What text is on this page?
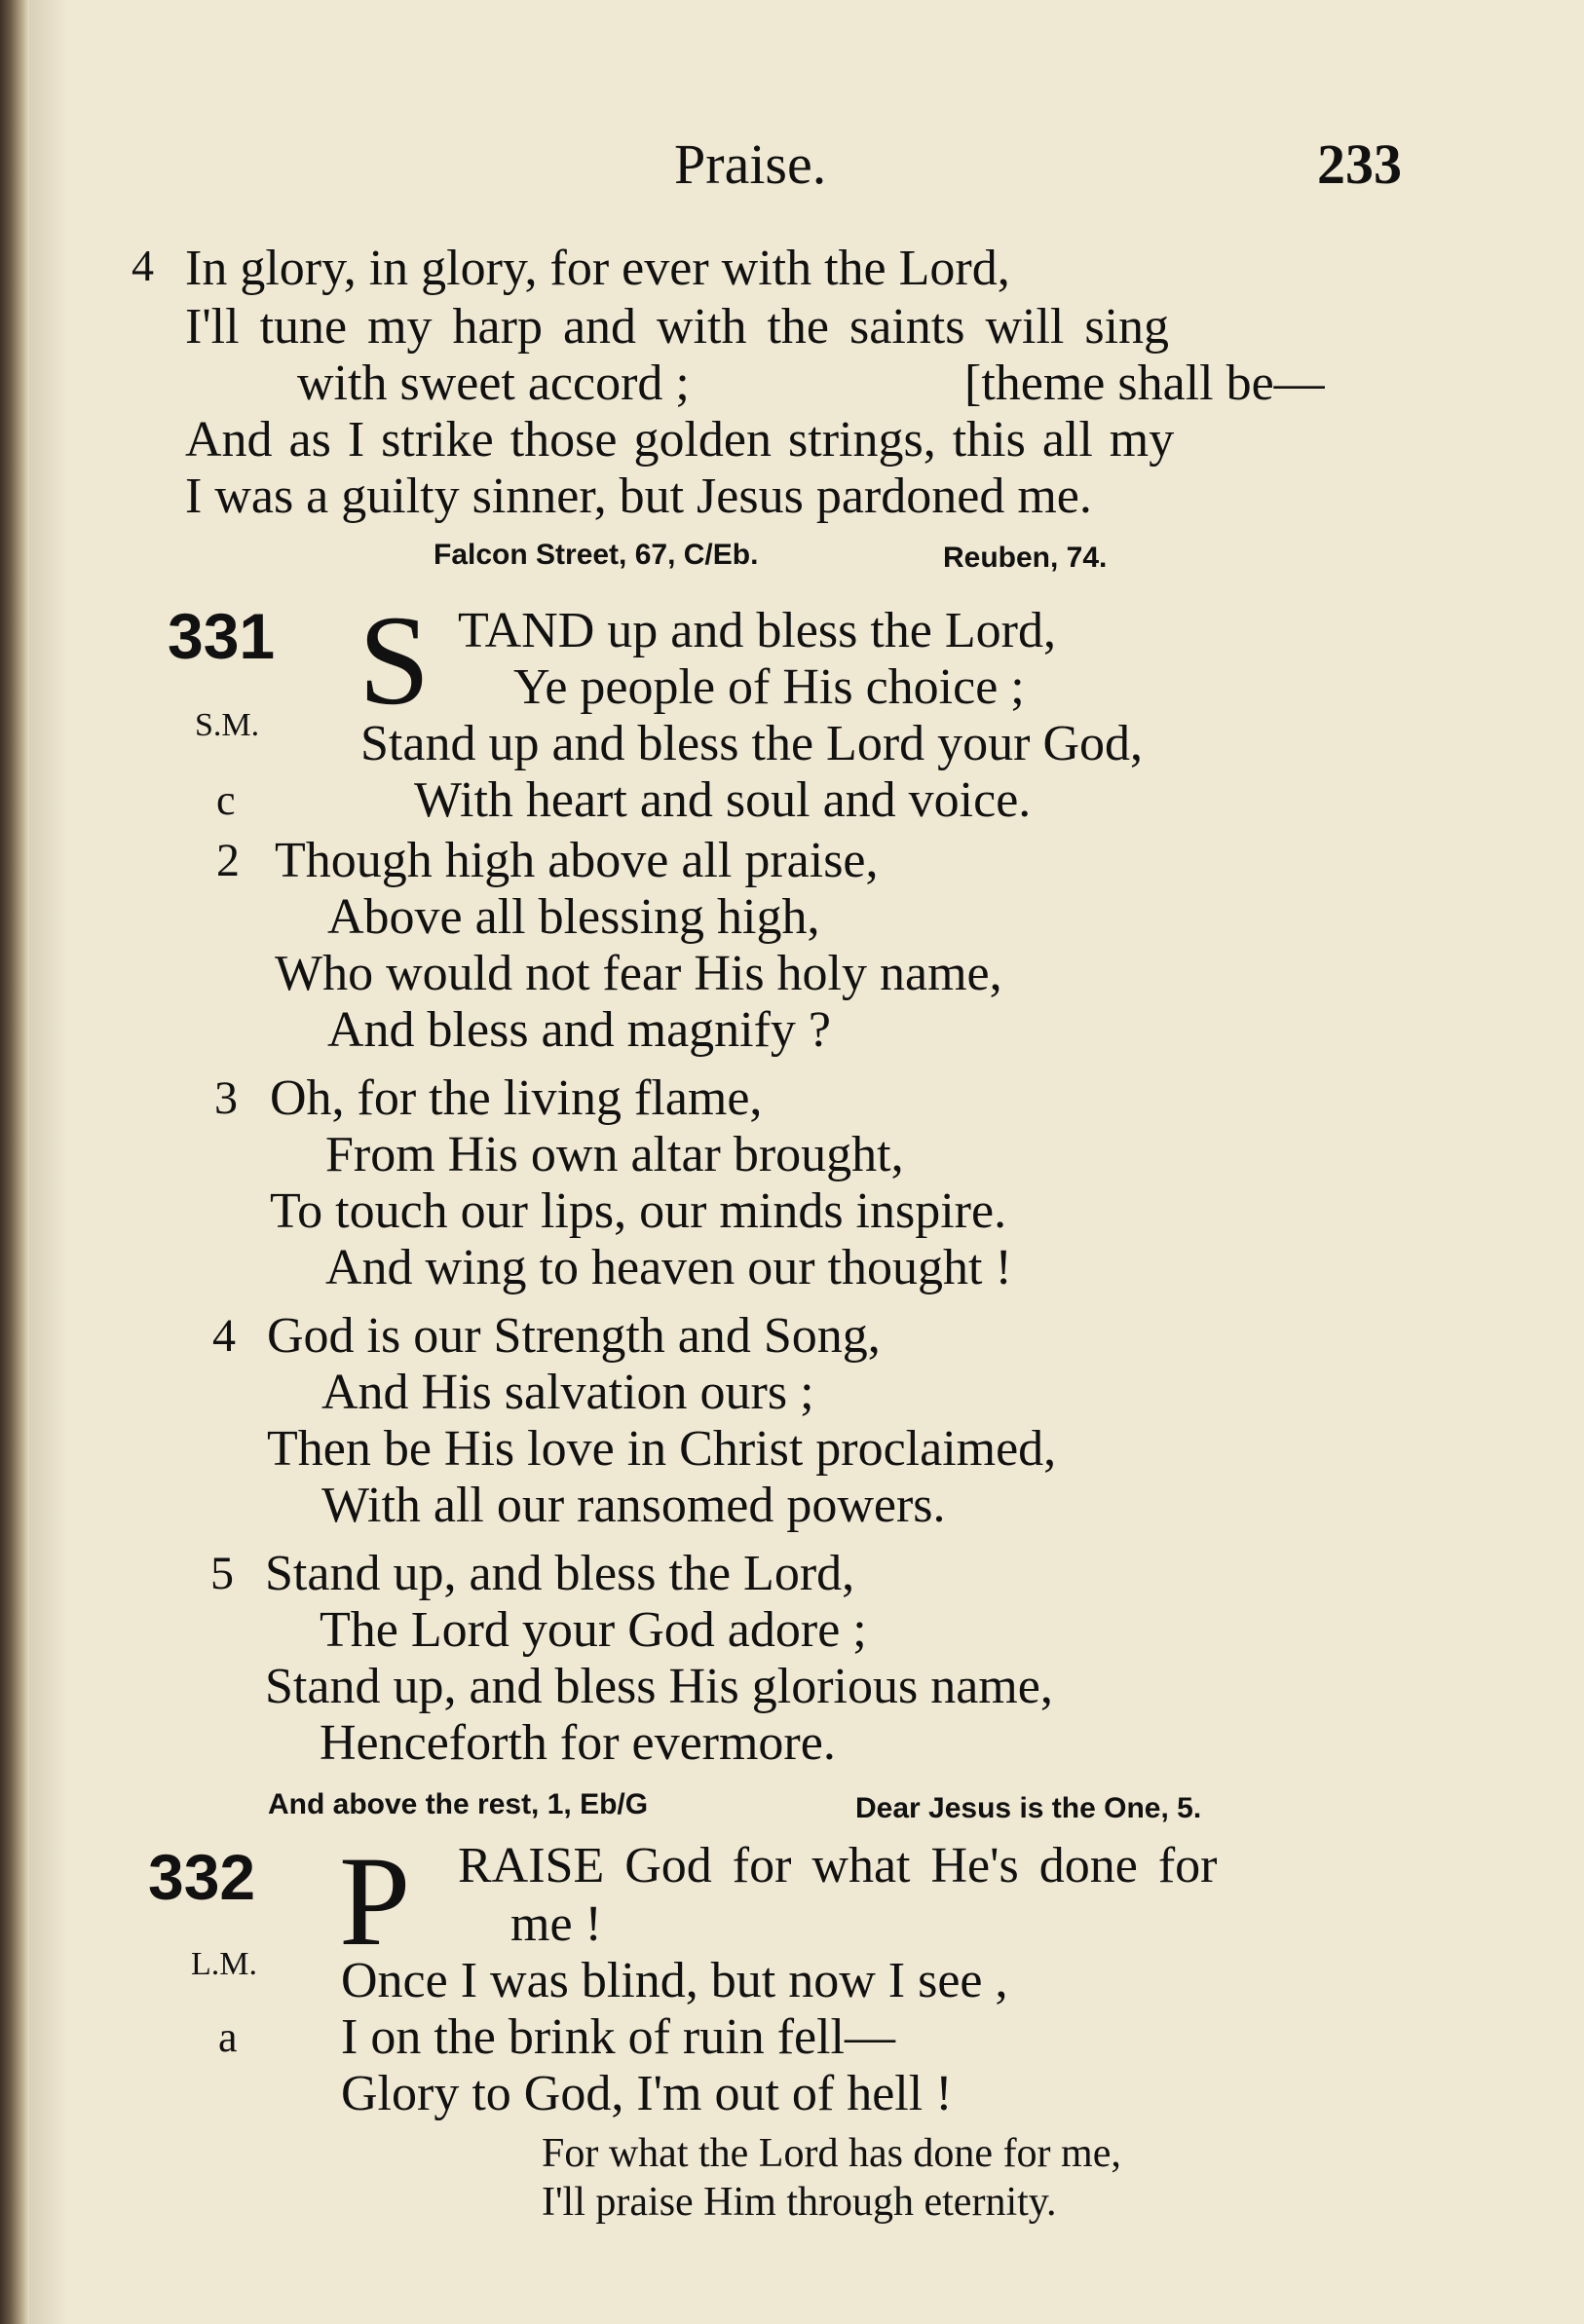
Praise.	233
4 In glory, in glory, for ever with the Lord,
I'll tune my harp and with the saints will sing
with sweet accord ;	[theme shall be—
And as I strike those golden strings, this all my
I was a guilty sinner, but Jesus pardoned me.
Falcon Street, 67, C/Eb.	Reuben, 74.
331 S TAND up and bless the Lord,
Ye people of His choice ;
S.M. Stand up and bless the Lord your God,
c	With heart and soul and voice.
2 Though high above all praise,
Above all blessing high,
Who would not fear His holy name,
And bless and magnify ?
3 Oh, for the living flame,
From His own altar brought,
To touch our lips, our minds inspire.
And wing to heaven our thought !
4 God is our Strength and Song,
And His salvation ours ;
Then be His love in Christ proclaimed,
With all our ransomed powers.
5 Stand up, and bless the Lord,
The Lord your God adore ;
Stand up, and bless His glorious name,
Henceforth for evermore.
And above the rest, 1, Eb/G	Dear Jesus is the One, 5.
332 P RAISE God for what He's done for
me !
L.M. Once I was blind, but now I see ,
a I on the brink of ruin fell—
Glory to God, I'm out of hell !
For what the Lord has done for me,
I'll praise Him through eternity.
